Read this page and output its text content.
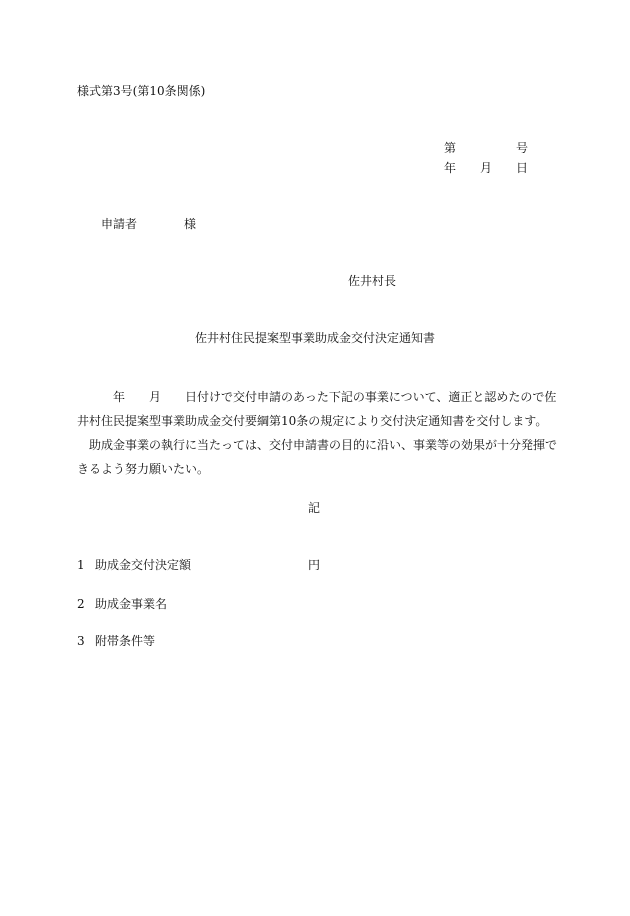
様式第3号(第10条関係)
第	号
年 月 日
申請者	様
佐井村長
佐井村住民提案型事業助成金交付決定通知書

年 月 日付けで交付申請のあった下記の事業について、適正と認めたので佐

井村住民提案型事業助成金交付要綱第10条の規定により交付決定通知書を交付します。

助成金事業の執行に当たっては、交付申請書の目的に沿い、事業等の効果が十分発揮で

きるよう努力願いたい。

記
1 助成金交付決定額	円
2 助成金事業名
3 附帯条件等
